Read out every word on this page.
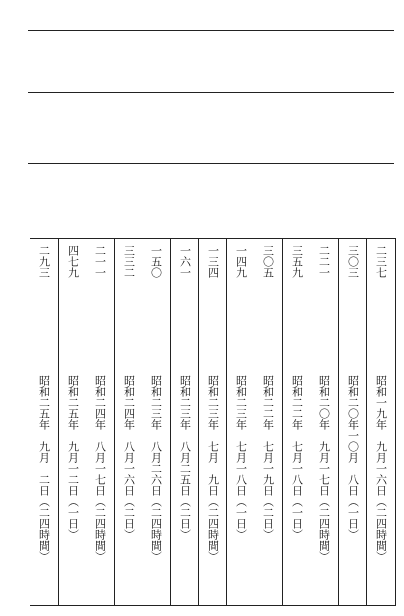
二三七
昭和一九年　九月一六日（二四時間）
三〇三
昭和二〇年一〇月　八日（一日）
二二一
昭和二〇年　九月一七日（二四時間）
三五九
昭和二二年　七月一八日（一日）
三〇五
昭和二二年　七月一九日（二日）
一四九
昭和二三年　七月一八日（一日）
一三四
昭和二三年　七月　九日（二四時間）
一六一
昭和二三年　八月二五日（二日）
一五〇
昭和二三年　八月二六日（二四時間）
三三二
昭和二四年　八月一六日（二日）
二一一
昭和二四年　八月一七日（二四時間）
四七九
昭和二五年　九月一二日（一日）
二九三
昭和二五年　九月　二日（二四時間）
